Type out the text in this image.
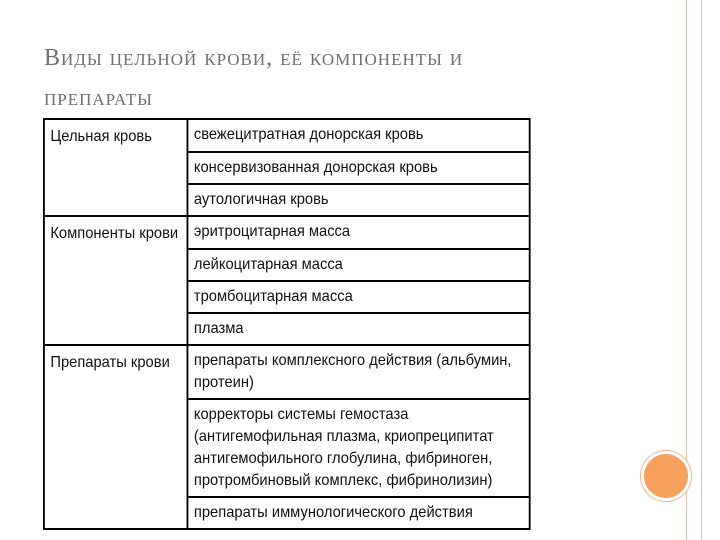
Виды цельной крови, её компоненты и
препараты
Цельная кровь	свежецитратная донорская кровь
консервизованная донорская кровь
аутологичная кровь
Компоненты крови эритроцитарная масса
лейкоцитарная масса
тромбоцитарная масса
плазма
Препараты крови	препараты комплексного действия (альбумин, протеин)
корректоры системы гемостаза (антигемофильная плазма, криопреципитат антигемофильного глобулина, фибриноген, протромбиновый комплекс, фибринолизин)
препараты иммунологического действия
